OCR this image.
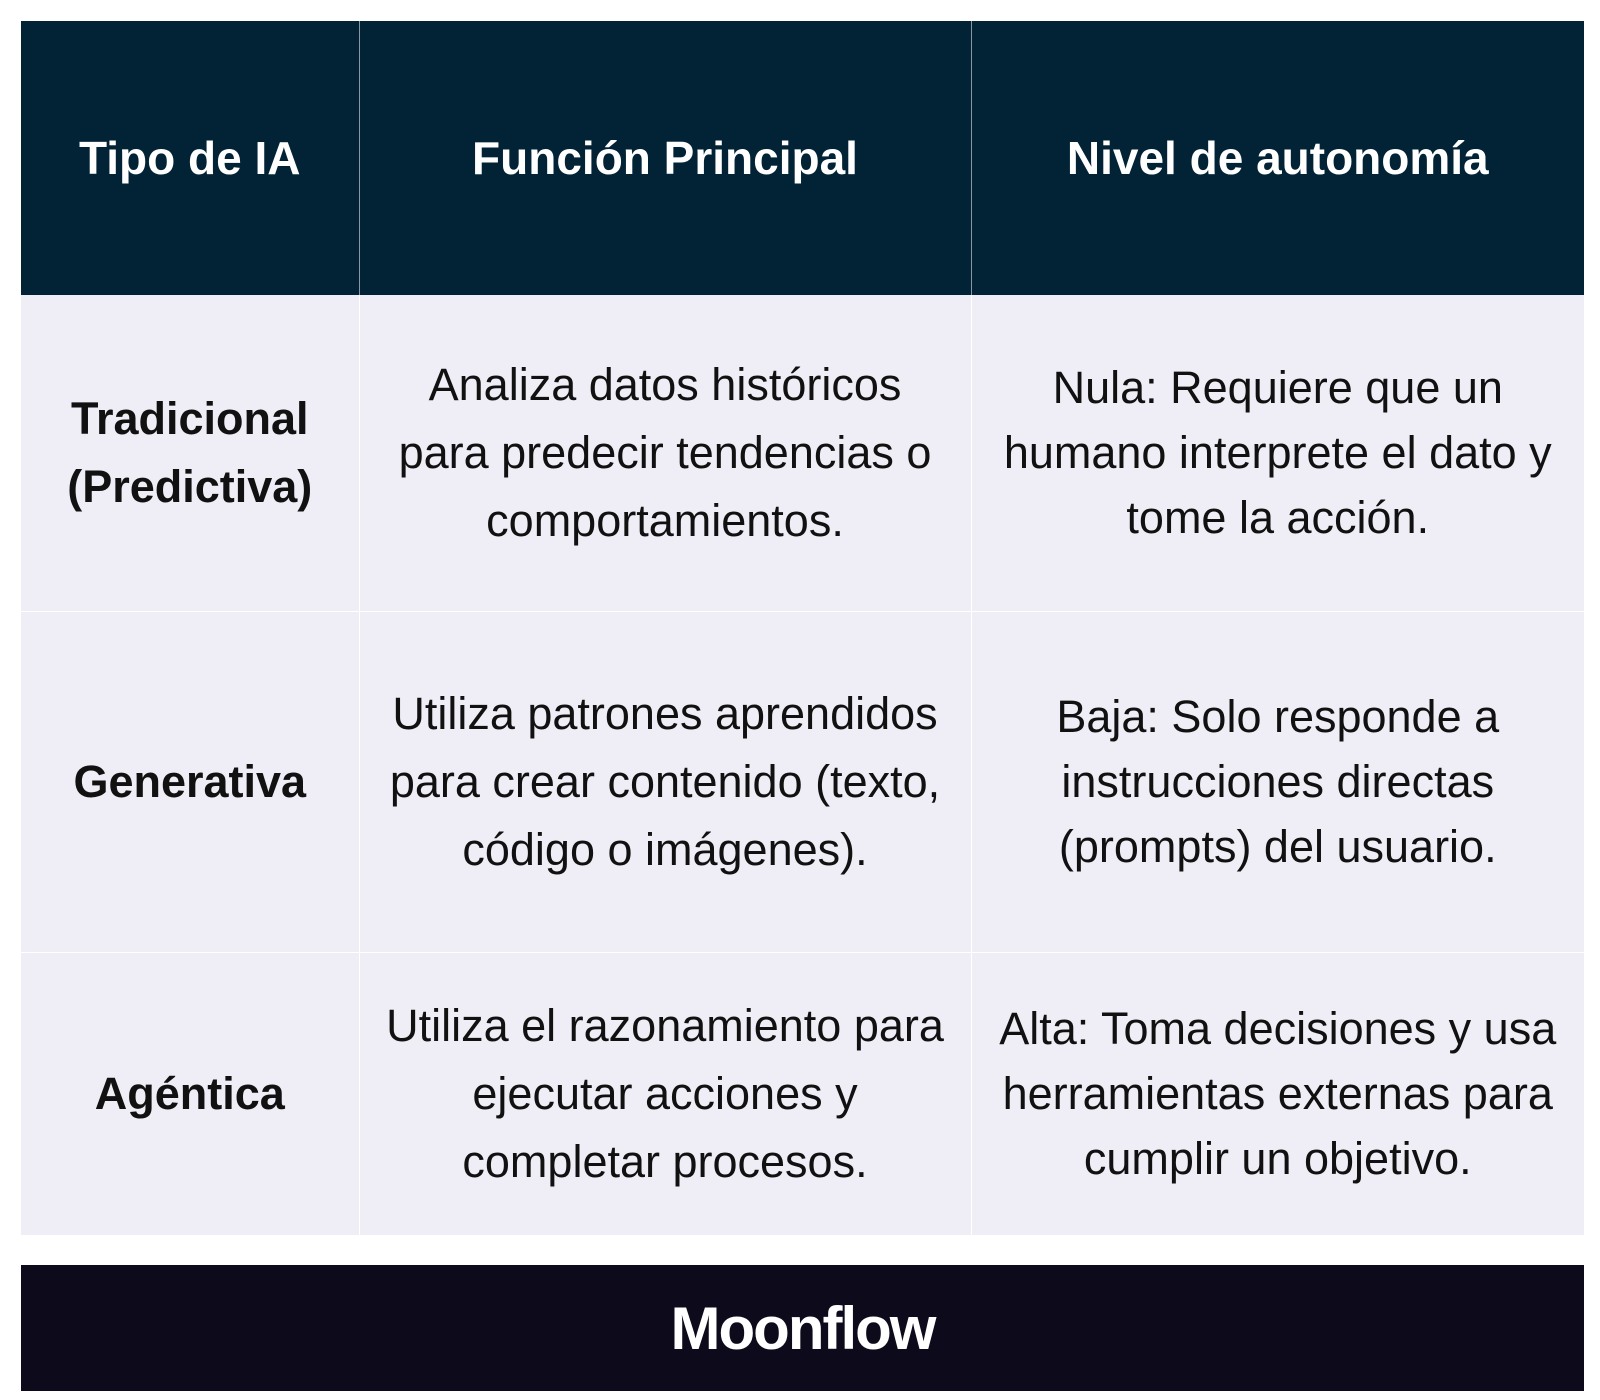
Tipo de IA	Función Principal	Nivel de autonomía
Tradicional (Predictiva)	Analiza datos históricos para predecir tendencias o comportamientos.	Nula: Requiere que un humano interprete el dato y tome la acción.
Generativa	Utiliza patrones aprendidos para crear contenido (texto, código o imágenes).	Baja: Solo responde a instrucciones directas (prompts) del usuario.
Agéntica	Utiliza el razonamiento para ejecutar acciones y completar procesos.	Alta: Toma decisiones y usa herramientas externas para cumplir un objetivo.
Moonflow
